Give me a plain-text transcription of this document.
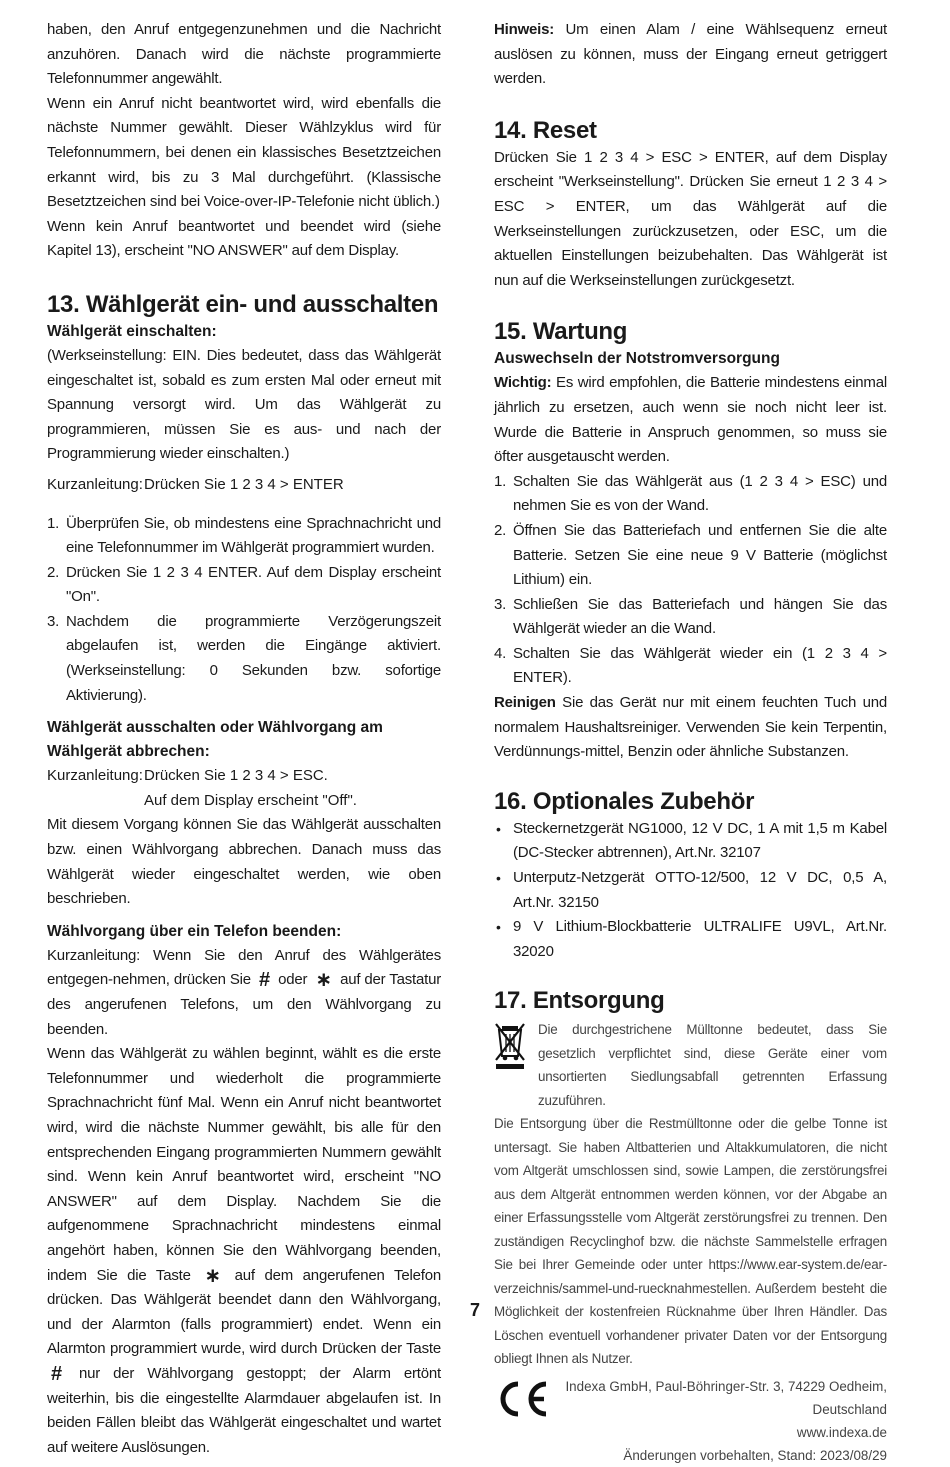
haben, den Anruf entgegenzunehmen und die Nachricht anzuhören. Danach wird die nächste programmierte Telefonnummer angewählt.

Wenn ein Anruf nicht beantwortet wird, wird ebenfalls die nächste Nummer gewählt. Dieser Wählzyklus wird für Telefonnummern, bei denen ein klassisches Besetztzeichen erkannt wird, bis zu 3 Mal durchgeführt. (Klassische Besetztzeichen sind bei Voice-over-IP-Telefonie nicht üblich.)

Wenn kein Anruf beantwortet und beendet wird (siehe Kapitel 13), erscheint "NO ANSWER" auf dem Display.

13. Wählgerät ein- und ausschalten
Wählgerät einschalten:

(Werkseinstellung: EIN. Dies bedeutet, dass das Wählgerät eingeschaltet ist, sobald es zum ersten Mal oder erneut mit Spannung versorgt wird. Um das Wählgerät zu programmieren, müssen Sie es aus- und nach der Programmierung wieder einschalten.)

Kurzanleitung: Drücken Sie 1 2 3 4 > ENTER
1. Überprüfen Sie, ob mindestens eine Sprachnachricht und eine Telefonnummer im Wählgerät programmiert wurden.
2. Drücken Sie 1 2 3 4 ENTER. Auf dem Display erscheint "On".
3. Nachdem die programmierte Verzögerungszeit abgelaufen ist, werden die Eingänge aktiviert. (Werkseinstellung: 0 Sekunden bzw. sofortige Aktivierung).
Wählgerät ausschalten oder Wählvorgang am Wählgerät abbrechen:
Kurzanleitung: Drücken Sie 1 2 3 4 > ESC.
Auf dem Display erscheint "Off".

Mit diesem Vorgang können Sie das Wählgerät ausschalten bzw. einen Wählvorgang abbrechen. Danach muss das Wählgerät wieder eingeschaltet werden, wie oben beschrieben.

Wählvorgang über ein Telefon beenden:

Kurzanleitung: Wenn Sie den Anruf des Wählgerätes entgegen-nehmen, drücken Sie # oder ∗ auf der Tastatur des angerufenen Telefons, um den Wählvorgang zu beenden.

Wenn das Wählgerät zu wählen beginnt, wählt es die erste Telefonnummer und wiederholt die programmierte Sprachnachricht fünf Mal. Wenn ein Anruf nicht beantwortet wird, wird die nächste Nummer gewählt, bis alle für den entsprechenden Eingang programmierten Nummern gewählt sind. Wenn kein Anruf beantwortet wird, erscheint "NO ANSWER" auf dem Display. Nachdem Sie die aufgenommene Sprachnachricht mindestens einmal angehört haben, können Sie den Wählvorgang beenden, indem Sie die Taste ∗ auf dem angerufenen Telefon drücken. Das Wählgerät beendet dann den Wählvorgang, und der Alarmton (falls programmiert) endet. Wenn ein Alarmton programmiert wurde, wird durch Drücken der Taste # nur der Wählvorgang gestoppt; der Alarm ertönt weiterhin, bis die eingestellte Alarmdauer abgelaufen ist. In beiden Fällen bleibt das Wählgerät eingeschaltet und wartet auf weitere Auslösungen.

Hinweis: Um einen Alam / eine Wählsequenz erneut auslösen zu können, muss der Eingang erneut getriggert werden.

14. Reset

Drücken Sie 1 2 3 4 > ESC > ENTER, auf dem Display erscheint "Werkseinstellung". Drücken Sie erneut 1 2 3 4 > ESC > ENTER, um das Wählgerät auf die Werkseinstellungen zurückzusetzen, oder ESC, um die aktuellen Einstellungen beizubehalten. Das Wählgerät ist nun auf die Werkseinstellungen zurückgesetzt.

15. Wartung
Auswechseln der Notstromversorgung

Wichtig: Es wird empfohlen, die Batterie mindestens einmal jährlich zu ersetzen, auch wenn sie noch nicht leer ist. Wurde die Batterie in Anspruch genommen, so muss sie öfter ausgetauscht werden.

1. Schalten Sie das Wählgerät aus (1 2 3 4 > ESC) und nehmen Sie es von der Wand.
2. Öffnen Sie das Batteriefach und entfernen Sie die alte Batterie. Setzen Sie eine neue 9 V Batterie (möglichst Lithium) ein.
3. Schließen Sie das Batteriefach und hängen Sie das Wählgerät wieder an die Wand.
4. Schalten Sie das Wählgerät wieder ein (1 2 3 4 > ENTER).

Reinigen Sie das Gerät nur mit einem feuchten Tuch und normalem Haushaltsreiniger. Verwenden Sie kein Terpentin, Verdünnungs-mittel, Benzin oder ähnliche Substanzen.

16. Optionales Zubehör
• Steckernetzgerät NG1000, 12 V DC, 1 A mit 1,5 m Kabel (DC-Stecker abtrennen), Art.Nr. 32107
• Unterputz-Netzgerät OTTO-12/500, 12 V DC, 0,5 A, Art.Nr. 32150
• 9 V Lithium-Blockbatterie ULTRALIFE U9VL, Art.Nr. 32020
17. Entsorgung

Die durchgestrichene Mülltonne bedeutet, dass Sie gesetzlich verpflichtet sind, diese Geräte einer vom unsortierten Siedlungsabfall getrennten Erfassung zuzuführen.

Die Entsorgung über die Restmülltonne oder die gelbe Tonne ist untersagt. Sie haben Altbatterien und Altakkumulatoren, die nicht vom Altgerät umschlossen sind, sowie Lampen, die zerstörungsfrei aus dem Altgerät entnommen werden können, vor der Abgabe an einer Erfassungsstelle vom Altgerät zerstörungsfrei zu trennen. Den zuständigen Recyclinghof bzw. die nächste Sammelstelle erfragen Sie bei Ihrer Gemeinde oder unter https://www.ear-system.de/ear-verzeichnis/sammel-und-ruecknahmestellen. Außerdem besteht die Möglichkeit der kostenfreien Rücknahme über Ihren Händler. Das Löschen eventuell vorhandener privater Daten vor der Entsorgung obliegt Ihnen als Nutzer.

Indexa GmbH, Paul-Böhringer-Str. 3, 74229 Oedheim, Deutschland

www.indexa.de

Änderungen vorbehalten, Stand: 2023/08/29

7
